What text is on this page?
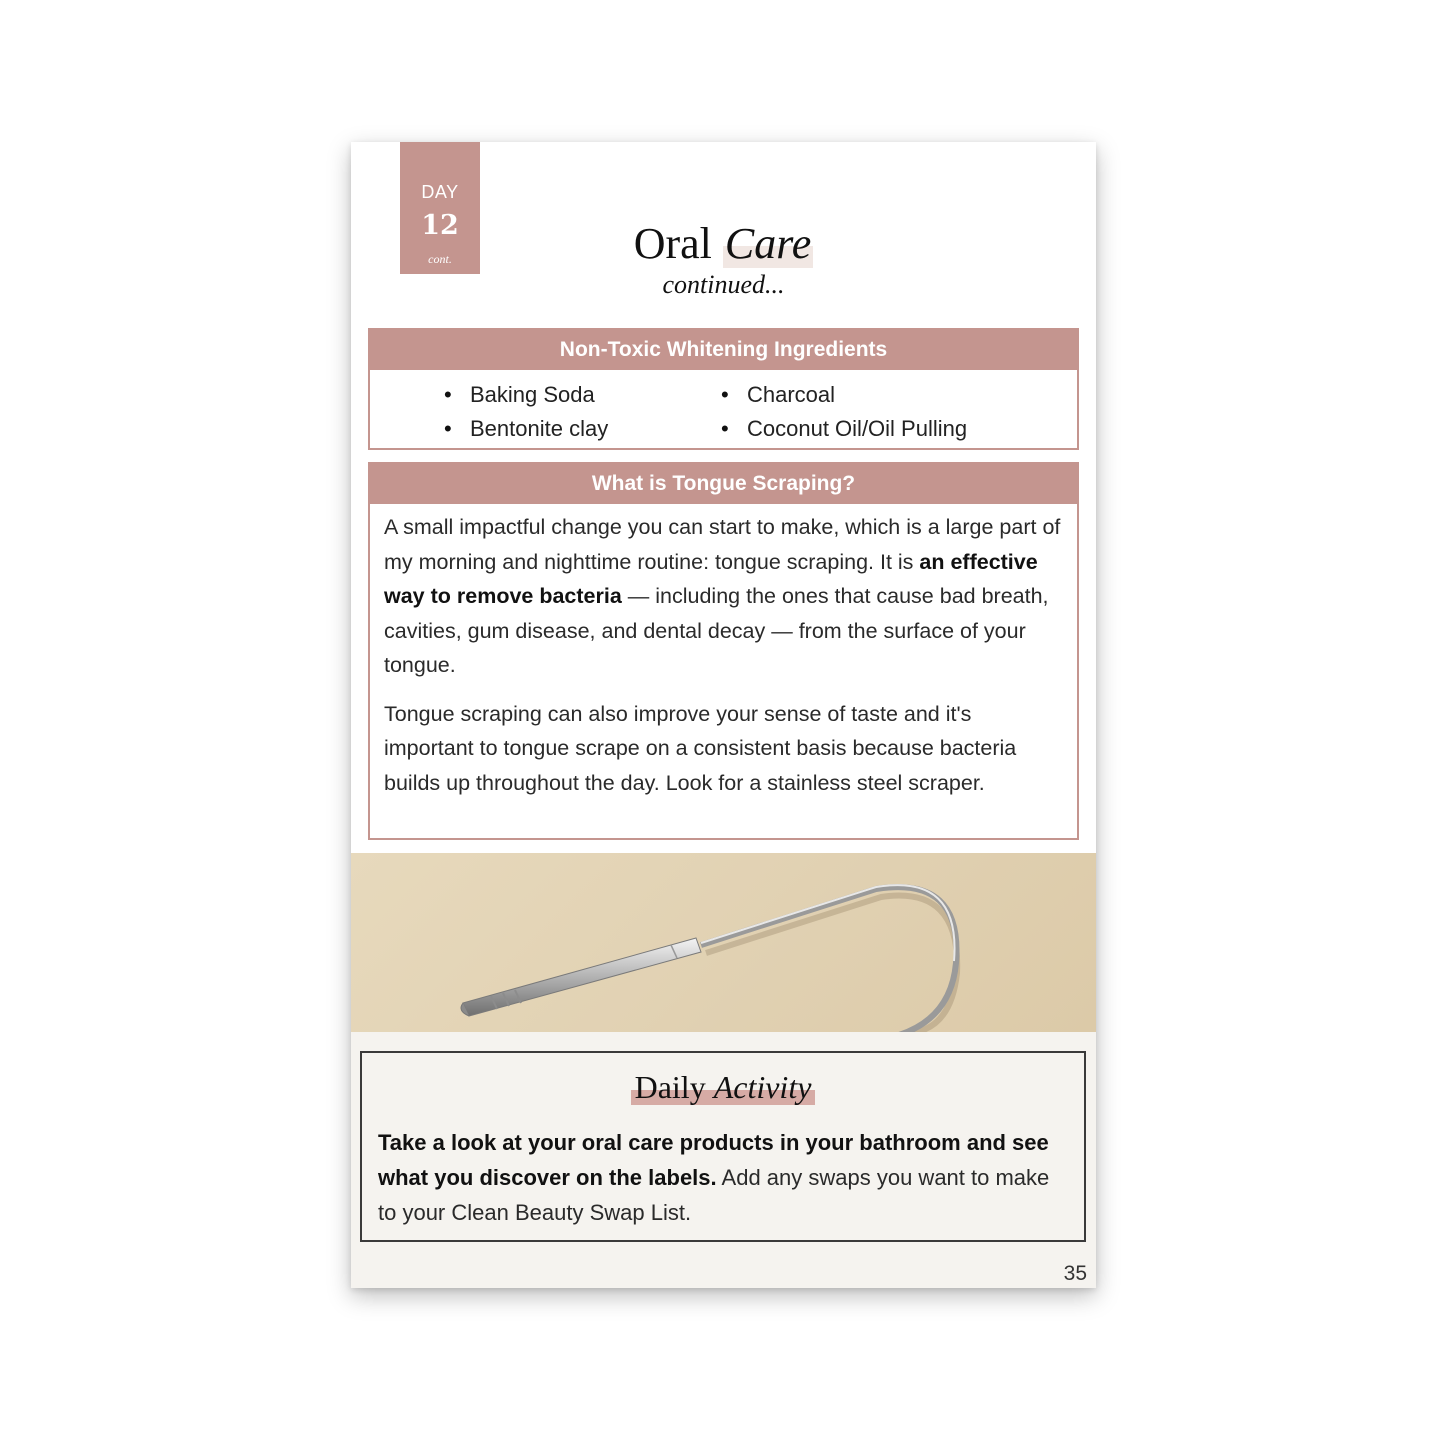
DAY
12
cont.	Oral Care
continued...
Non-Toxic Whitening Ingredients
• Baking Soda
• Bentonite clay
• Charcoal
• Coconut Oil/Oil Pulling
What is Tongue Scraping?

A small impactful change you can start to make, which is a large part of my morning and nighttime routine: tongue scraping. It is an effective way to remove bacteria — including the ones that cause bad breath, cavities, gum disease, and dental decay — from the surface of your tongue.

Tongue scraping can also improve your sense of taste and it's important to tongue scrape on a consistent basis because bacteria builds up throughout the day. Look for a stainless steel scraper.

Daily Activity
Take a look at your oral care products in your bathroom and see what you discover on the labels. Add any swaps you want to make to your Clean Beauty Swap List.
35
